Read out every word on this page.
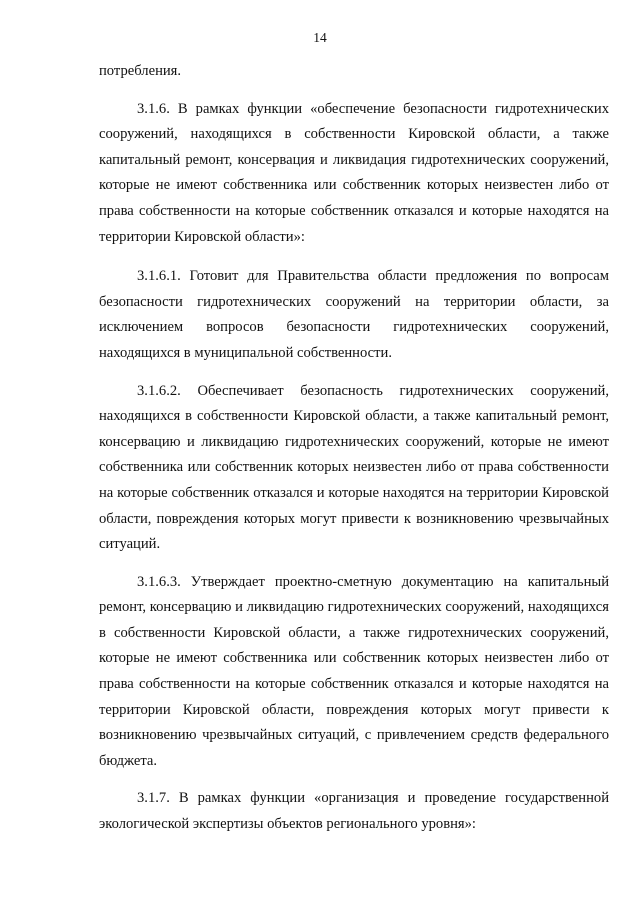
14

потребления.

3.1.6. В рамках функции «обеспечение безопасности гидротехнических сооружений, находящихся в собственности Кировской области, а также капитальный ремонт, консервация и ликвидация гидротехнических сооружений, которые не имеют собственника или собственник которых неизвестен либо от права собственности на которые собственник отказался и которые находятся на территории Кировской области»:

3.1.6.1. Готовит для Правительства области предложения по вопросам безопасности гидротехнических сооружений на территории области, за исключением вопросов безопасности гидротехнических сооружений, находящихся в муниципальной собственности.

3.1.6.2. Обеспечивает безопасность гидротехнических сооружений, находящихся в собственности Кировской области, а также капитальный ремонт, консервацию и ликвидацию гидротехнических сооружений, которые не имеют собственника или собственник которых неизвестен либо от права собственности на которые собственник отказался и которые находятся на территории Кировской области, повреждения которых могут привести к возникновению чрезвычайных ситуаций.

3.1.6.3. Утверждает проектно-сметную документацию на капитальный ремонт, консервацию и ликвидацию гидротехнических сооружений, находящихся в собственности Кировской области, а также гидротехнических сооружений, которые не имеют собственника или собственник которых неизвестен либо от права собственности на которые собственник отказался и которые находятся на территории Кировской области, повреждения которых могут привести к возникновению чрезвычайных ситуаций, с привлечением средств федерального бюджета.

3.1.7. В рамках функции «организация и проведение государственной экологической экспертизы объектов регионального уровня»:
